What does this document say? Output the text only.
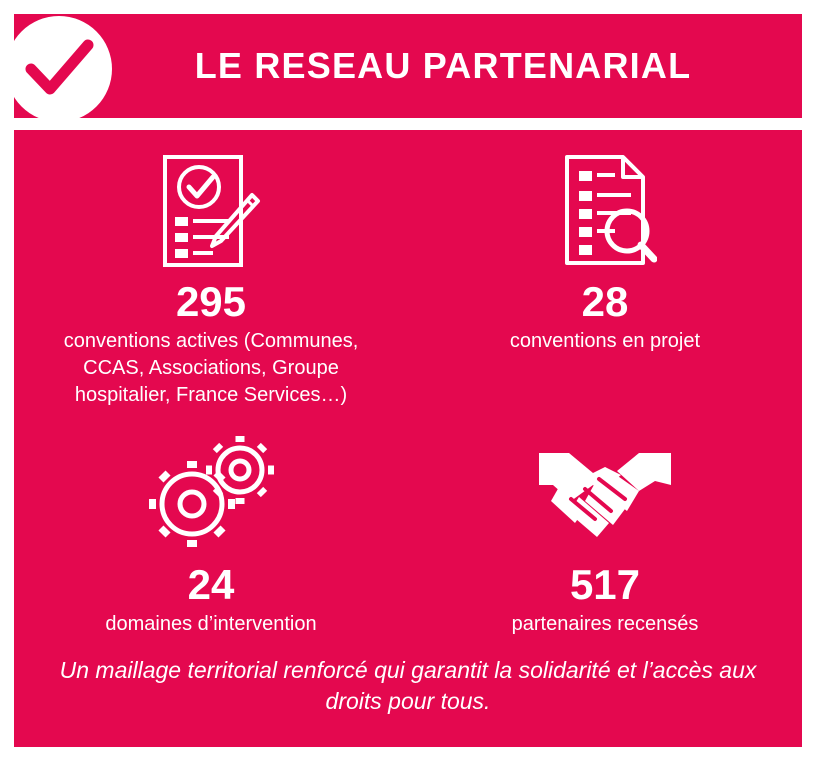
LE RESEAU PARTENARIAL
295
conventions actives (Communes, CCAS, Associations, Groupe hospitalier, France Services…)
28
conventions en projet
24
domaines d’intervention
517
partenaires recensés
Un maillage territorial renforcé qui garantit la solidarité et l’accès aux droits pour tous.
